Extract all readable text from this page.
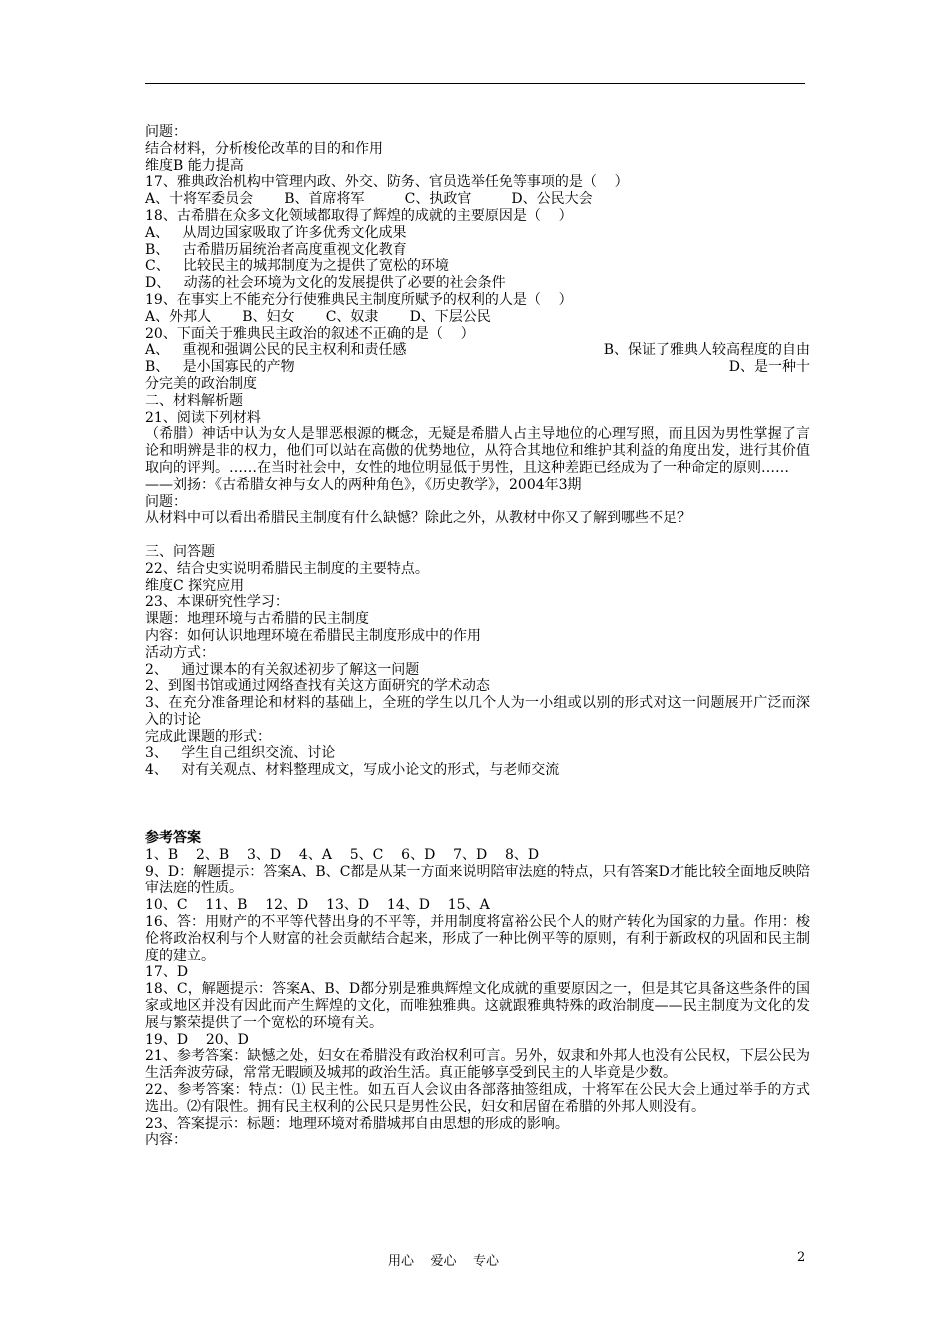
问题：
结合材料，分析梭伦改革的目的和作用
维度B 能力提高
17、雅典政治机构中管理内政、外交、防务、官员选举任免等事项的是（    ）
A、十将军委员会       B、首席将军         C、执政官         D、公民大会
18、古希腊在众多文化领域都取得了辉煌的成就的主要原因是（    ）
A、   从周边国家吸取了许多优秀文化成果
B、   古希腊历届统治者高度重视文化教育
C、   比较民主的城邦制度为之提供了宽松的环境
D、   动荡的社会环境为文化的发展提供了必要的社会条件
19、在事实上不能充分行使雅典民主制度所赋予的权利的人是（    ）
A、外邦人       B、妇女       C、奴隶       D、下层公民
20、下面关于雅典民主政治的叙述不正确的是（    ）
A、   重视和强调公民的民主权利和责任感	B、保证了雅典人较高程度的自由
B、   是小国寡民的产物	D、是一种十
分完美的政治制度
二、材料解析题
21、阅读下列材料
（希腊）神话中认为女人是罪恶根源的概念，无疑是希腊人占主导地位的心理写照，而且因为男性掌握了言论和明辨是非的权力，他们可以站在高傲的优势地位，从符合其地位和维护其利益的角度出发，进行其价值取向的评判。……在当时社会中，女性的地位明显低于男性，且这种差距已经成为了一种命定的原则……
——刘扬：《古希腊女神与女人的两种角色》，《历史教学》，2004年3期
问题：
从材料中可以看出希腊民主制度有什么缺憾？除此之外，从教材中你又了解到哪些不足？
三、问答题
22、结合史实说明希腊民主制度的主要特点。
维度C 探究应用
23、本课研究性学习：
课题：地理环境与古希腊的民主制度
内容：如何认识地理环境在希腊民主制度形成中的作用
活动方式：
2、   通过课本的有关叙述初步了解这一问题
2、到图书馆或通过网络查找有关这方面研究的学术动态
3、在充分准备理论和材料的基础上，全班的学生以几个人为一小组或以别的形式对这一问题展开广泛而深入的讨论
完成此课题的形式：
3、   学生自己组织交流、讨论
4、   对有关观点、材料整理成文，写成小论文的形式，与老师交流
参考答案
1、B    2、B    3、D    4、A    5、C    6、D    7、D    8、D
9、D：解题提示：答案A、B、C都是从某一方面来说明陪审法庭的特点，只有答案D才能比较全面地反映陪审法庭的性质。
10、C    11、B    12、D    13、D    14、D    15、A
16、答：用财产的不平等代替出身的不平等，并用制度将富裕公民个人的财产转化为国家的力量。作用：梭伦将政治权利与个人财富的社会贡献结合起来，形成了一种比例平等的原则，有利于新政权的巩固和民主制度的建立。
17、D
18、C，解题提示：答案A、B、D都分别是雅典辉煌文化成就的重要原因之一，但是其它具备这些条件的国家或地区并没有因此而产生辉煌的文化，而唯独雅典。这就跟雅典特殊的政治制度——民主制度为文化的发展与繁荣提供了一个宽松的环境有关。
19、D    20、D
21、参考答案：缺憾之处，妇女在希腊没有政治权利可言。另外，奴隶和外邦人也没有公民权，下层公民为生活奔波劳碌，常常无暇顾及城邦的政治生活。真正能够享受到民主的人毕竟是少数。
22、参考答案：特点：⑴ 民主性。如五百人会议由各部落抽签组成，十将军在公民大会上通过举手的方式选出。⑵有限性。拥有民主权利的公民只是男性公民，妇女和居留在希腊的外邦人则没有。
23、答案提示：标题：地理环境对希腊城邦自由思想的形成的影响。
内容：
用心    爱心    专心	2
